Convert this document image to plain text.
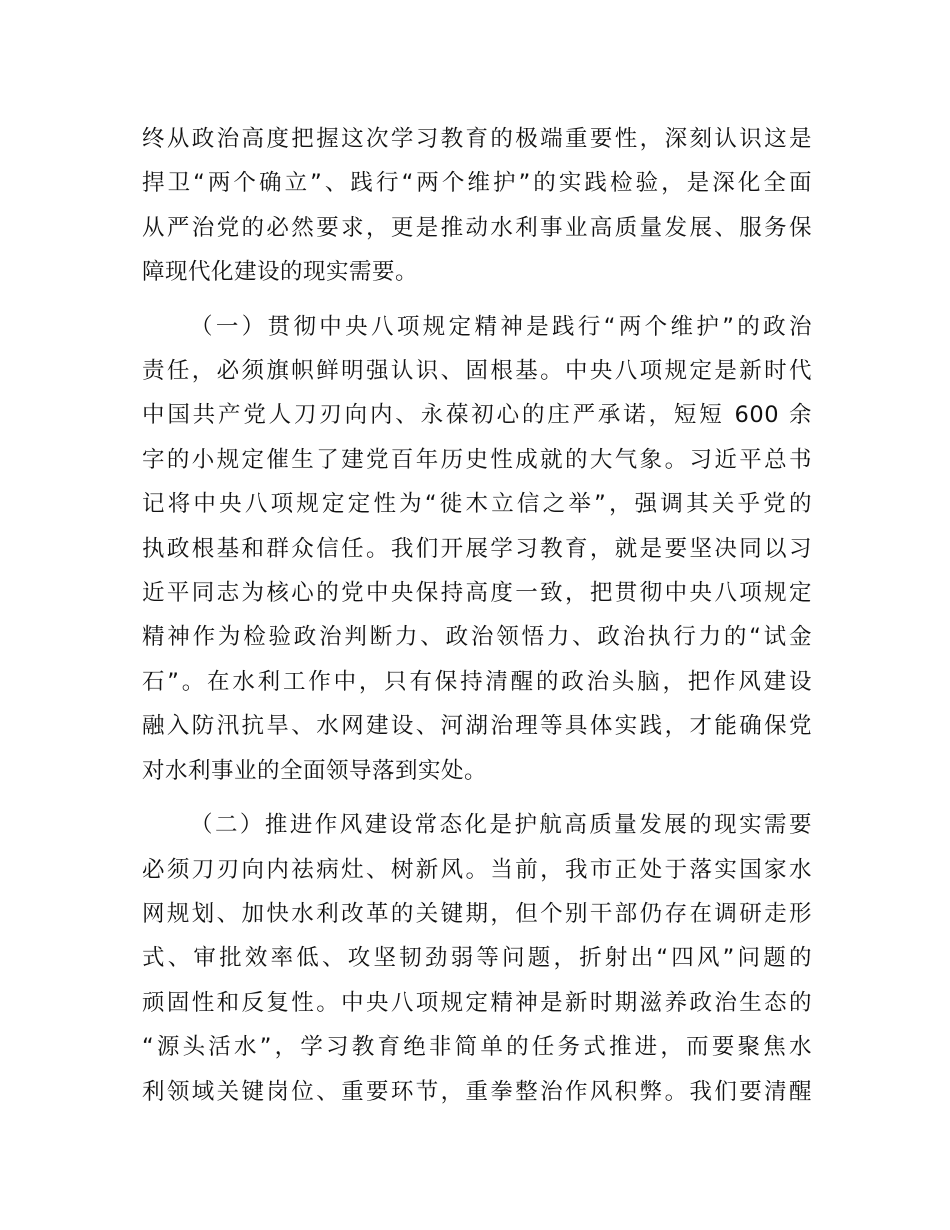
终从政治高度把握这次学习教育的极端重要性，深刻认识这是
捍卫“两个确立”、践行“两个维护”的实践检验，是深化全面
从严治党的必然要求，更是推动水利事业高质量发展、服务保
障现代化建设的现实需要。

（一）贯彻中央八项规定精神是践行“两个维护”的政治
责任，必须旗帜鲜明强认识、固根基。中央八项规定是新时代
中国共产党人刀刃向内、永葆初心的庄严承诺，短短 600 余
字的小规定催生了建党百年历史性成就的大气象。习近平总书
记将中央八项规定定性为“徙木立信之举”，强调其关乎党的
执政根基和群众信任。我们开展学习教育，就是要坚决同以习
近平同志为核心的党中央保持高度一致，把贯彻中央八项规定
精神作为检验政治判断力、政治领悟力、政治执行力的“试金
石”。在水利工作中，只有保持清醒的政治头脑，把作风建设
融入防汛抗旱、水网建设、河湖治理等具体实践，才能确保党
对水利事业的全面领导落到实处。

（二）推进作风建设常态化是护航高质量发展的现实需要
必须刀刃向内祛病灶、树新风。当前，我市正处于落实国家水
网规划、加快水利改革的关键期，但个别干部仍存在调研走形
式、审批效率低、攻坚韧劲弱等问题，折射出“四风”问题的
顽固性和反复性。中央八项规定精神是新时期滋养政治生态的
“源头活水”，学习教育绝非简单的任务式推进，而要聚焦水
利领域关键岗位、重要环节，重拳整治作风积弊。我们要清醒
